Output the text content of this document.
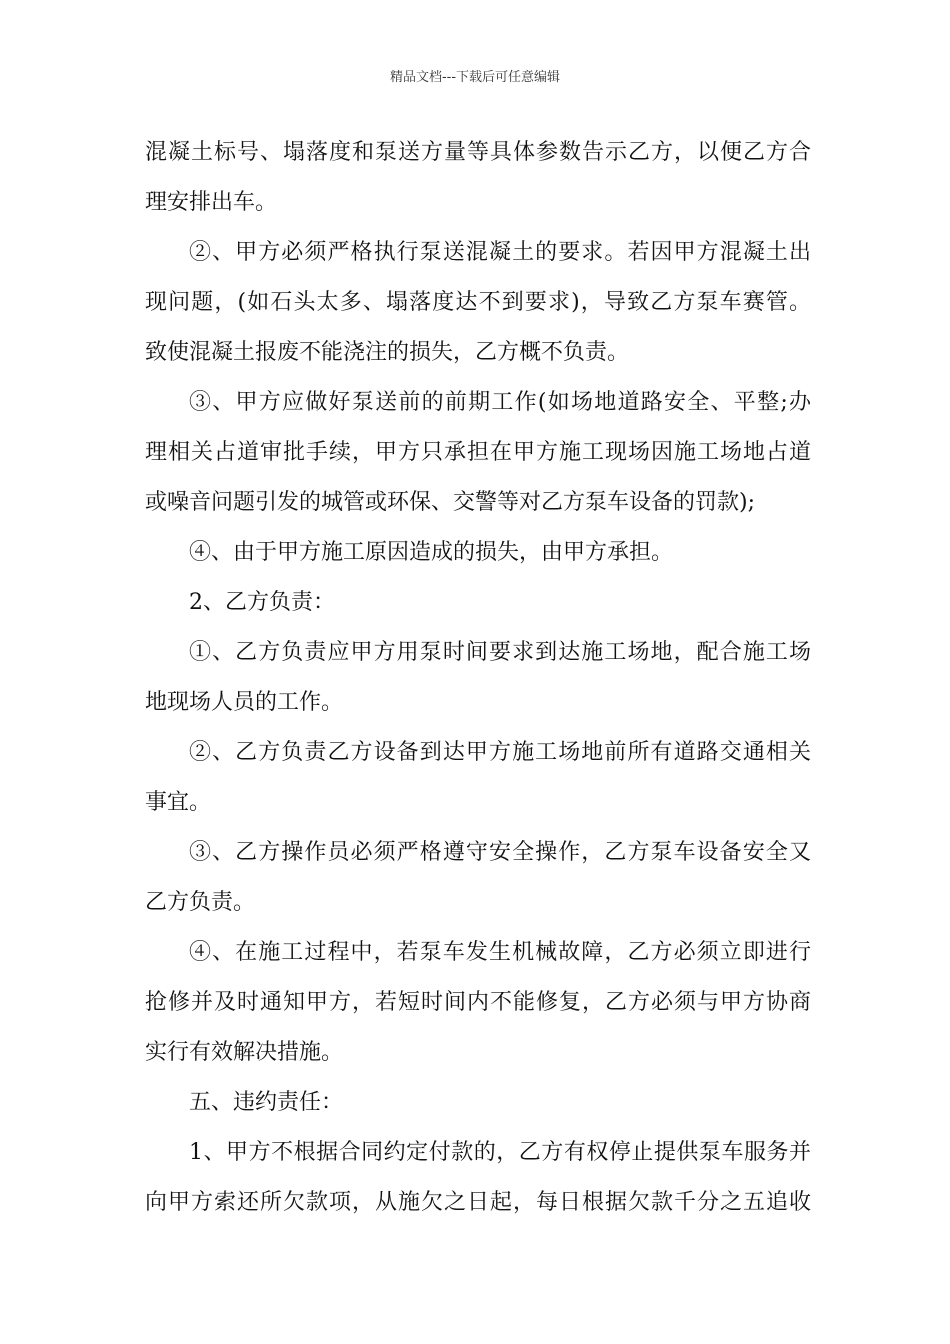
精品文档---下载后可任意编辑
混凝土标号、塌落度和泵送方量等具体参数告示乙方，以便乙方合
理安排出车。
②、甲方必须严格执行泵送混凝土的要求。若因甲方混凝土出
现问题，(如石头太多、塌落度达不到要求)，导致乙方泵车赛管。
致使混凝土报废不能浇注的损失，乙方概不负责。
③、甲方应做好泵送前的前期工作(如场地道路安全、平整;办
理相关占道审批手续，甲方只承担在甲方施工现场因施工场地占道
或噪音问题引发的城管或环保、交警等对乙方泵车设备的罚款);
④、由于甲方施工原因造成的损失，由甲方承担。
2、乙方负责：
①、乙方负责应甲方用泵时间要求到达施工场地，配合施工场
地现场人员的工作。
②、乙方负责乙方设备到达甲方施工场地前所有道路交通相关
事宜。
③、乙方操作员必须严格遵守安全操作，乙方泵车设备安全又
乙方负责。
④、在施工过程中，若泵车发生机械故障，乙方必须立即进行
抢修并及时通知甲方，若短时间内不能修复，乙方必须与甲方协商
实行有效解决措施。
五、违约责任：
1、甲方不根据合同约定付款的，乙方有权停止提供泵车服务并
向甲方索还所欠款项，从施欠之日起，每日根据欠款千分之五追收
